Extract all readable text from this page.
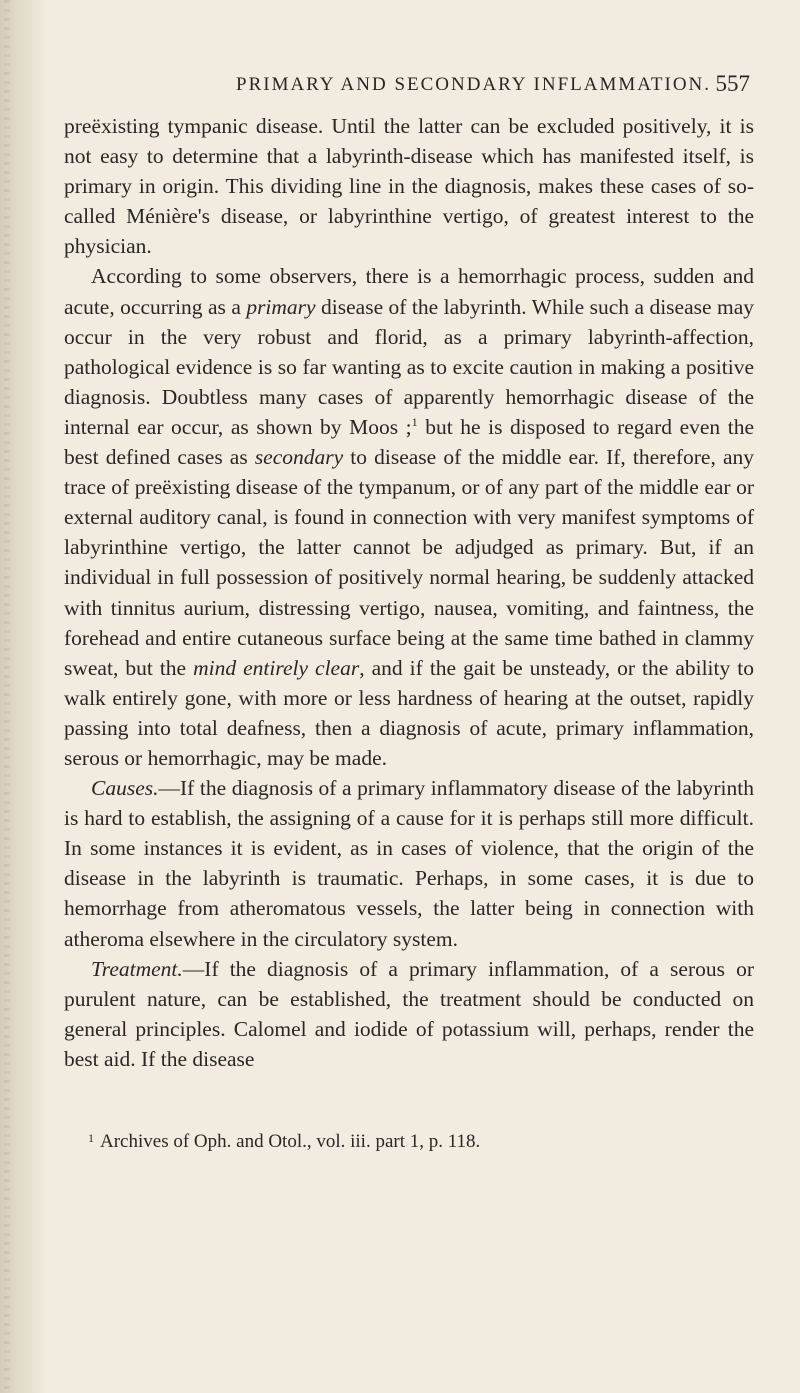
PRIMARY AND SECONDARY INFLAMMATION. 557

preëxisting tympanic disease. Until the latter can be excluded positively, it is not easy to determine that a labyrinth-disease which has manifested itself, is primary in origin. This dividing line in the diagnosis, makes these cases of so-called Ménière's disease, or labyrinthine vertigo, of greatest interest to the physician.

According to some observers, there is a hemorrhagic process, sudden and acute, occurring as a primary disease of the labyrinth. While such a disease may occur in the very robust and florid, as a primary labyrinth-affection, pathological evidence is so far wanting as to excite caution in making a positive diagnosis. Doubtless many cases of apparently hemorrhagic disease of the internal ear occur, as shown by Moos ;$^1$ but he is disposed to regard even the best defined cases as secondary to disease of the middle ear. If, therefore, any trace of preëxisting disease of the tympanum, or of any part of the middle ear or external auditory canal, is found in connection with very manifest symptoms of labyrinthine vertigo, the latter cannot be adjudged as primary. But, if an individual in full possession of positively normal hearing, be suddenly attacked with tinnitus aurium, distressing vertigo, nausea, vomiting, and faintness, the forehead and entire cutaneous surface being at the same time bathed in clammy sweat, but the mind entirely clear, and if the gait be unsteady, or the ability to walk entirely gone, with more or less hardness of hearing at the outset, rapidly passing into total deafness, then a diagnosis of acute, primary inflammation, serous or hemorrhagic, may be made.

Causes.—If the diagnosis of a primary inflammatory disease of the labyrinth is hard to establish, the assigning of a cause for it is perhaps still more difficult. In some instances it is evident, as in cases of violence, that the origin of the disease in the labyrinth is traumatic. Perhaps, in some cases, it is due to hemorrhage from atheromatous vessels, the latter being in connection with atheroma elsewhere in the circulatory system.

Treatment.—If the diagnosis of a primary inflammation, of a serous or purulent nature, can be established, the treatment should be conducted on general principles. Calomel and iodide of potassium will, perhaps, render the best aid. If the disease

$^1$ Archives of Oph. and Otol., vol. iii. part 1, p. 118.
